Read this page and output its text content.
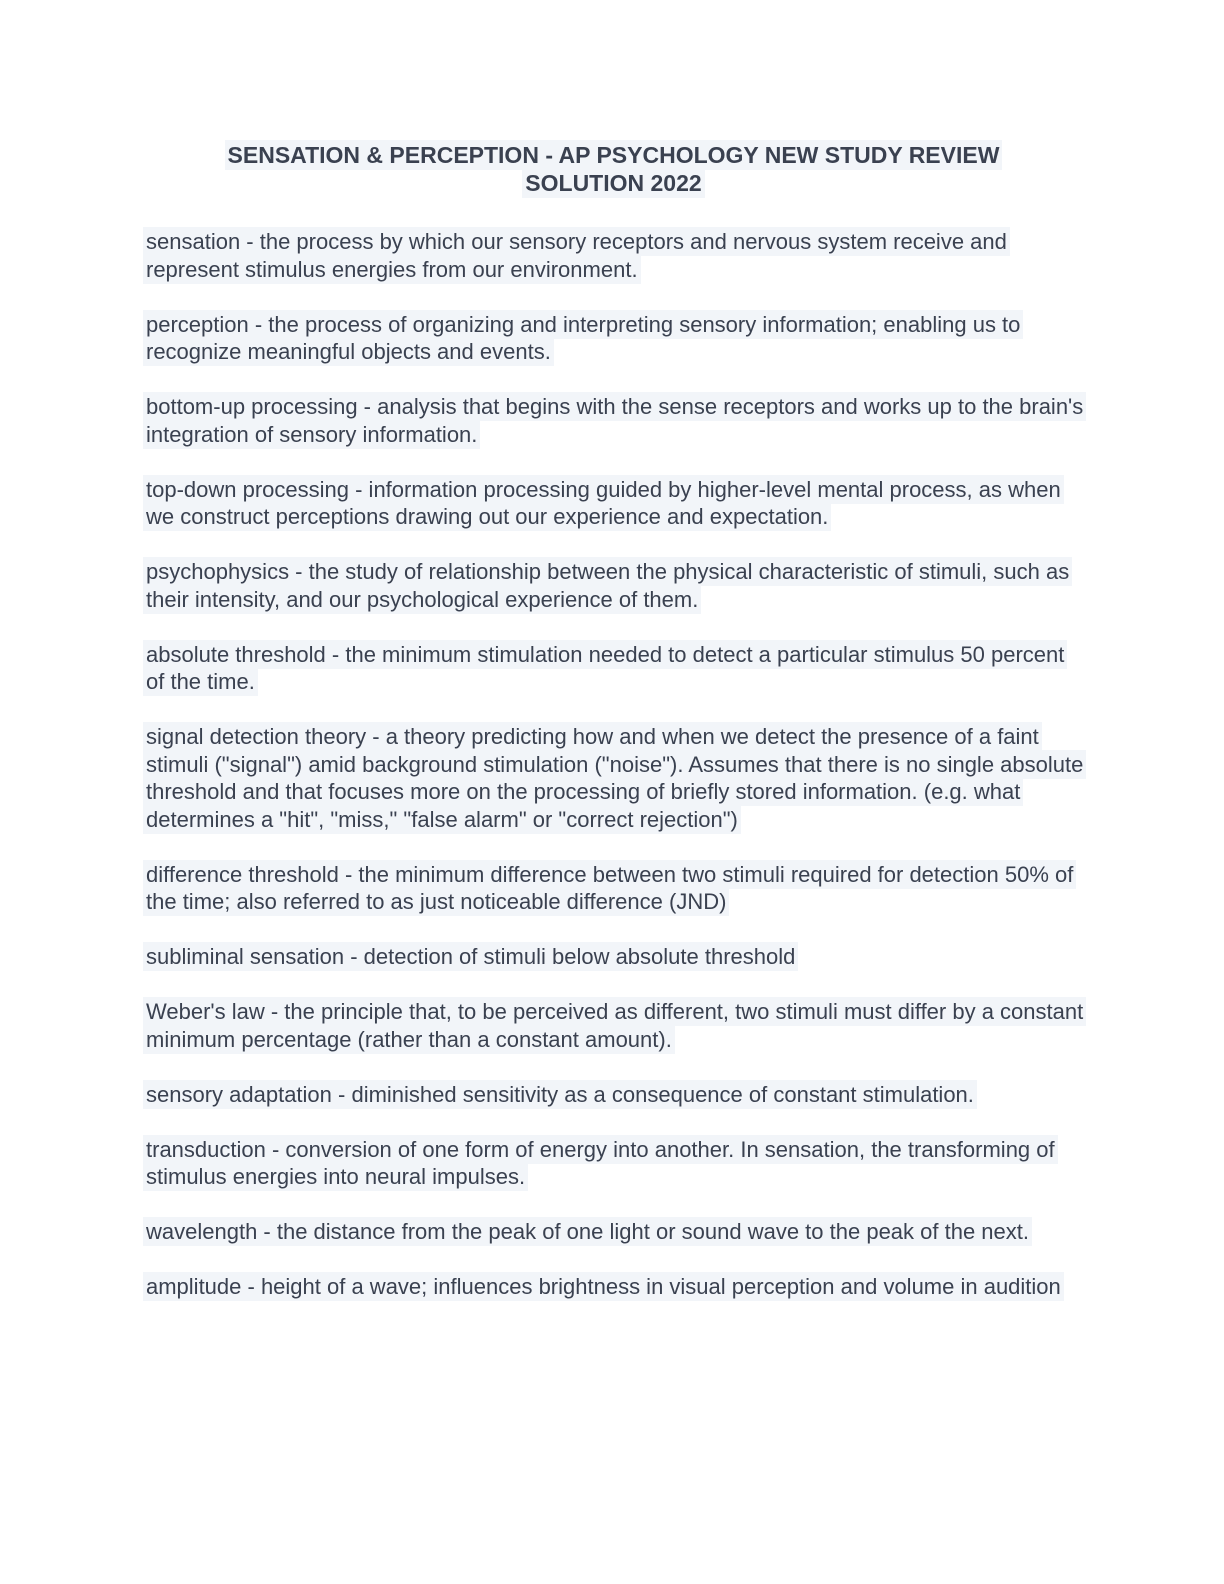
SENSATION & PERCEPTION - AP PSYCHOLOGY NEW STUDY REVIEW
SOLUTION 2022

sensation - the process by which our sensory receptors and nervous system receive and represent stimulus energies from our environment.

perception - the process of organizing and interpreting sensory information; enabling us to recognize meaningful objects and events.

bottom-up processing - analysis that begins with the sense receptors and works up to the brain's integration of sensory information.

top-down processing - information processing guided by higher-level mental process, as when we construct perceptions drawing out our experience and expectation.

psychophysics - the study of relationship between the physical characteristic of stimuli, such as their intensity, and our psychological experience of them.

absolute threshold - the minimum stimulation needed to detect a particular stimulus 50 percent of the time.

signal detection theory - a theory predicting how and when we detect the presence of a faint stimuli ("signal") amid background stimulation ("noise"). Assumes that there is no single absolute threshold and that focuses more on the processing of briefly stored information. (e.g. what determines a "hit", "miss," "false alarm" or "correct rejection")

difference threshold - the minimum difference between two stimuli required for detection 50% of the time; also referred to as just noticeable difference (JND)

subliminal sensation - detection of stimuli below absolute threshold

Weber's law - the principle that, to be perceived as different, two stimuli must differ by a constant minimum percentage (rather than a constant amount).

sensory adaptation - diminished sensitivity as a consequence of constant stimulation.

transduction - conversion of one form of energy into another. In sensation, the transforming of stimulus energies into neural impulses.

wavelength - the distance from the peak of one light or sound wave to the peak of the next.

amplitude - height of a wave; influences brightness in visual perception and volume in audition
